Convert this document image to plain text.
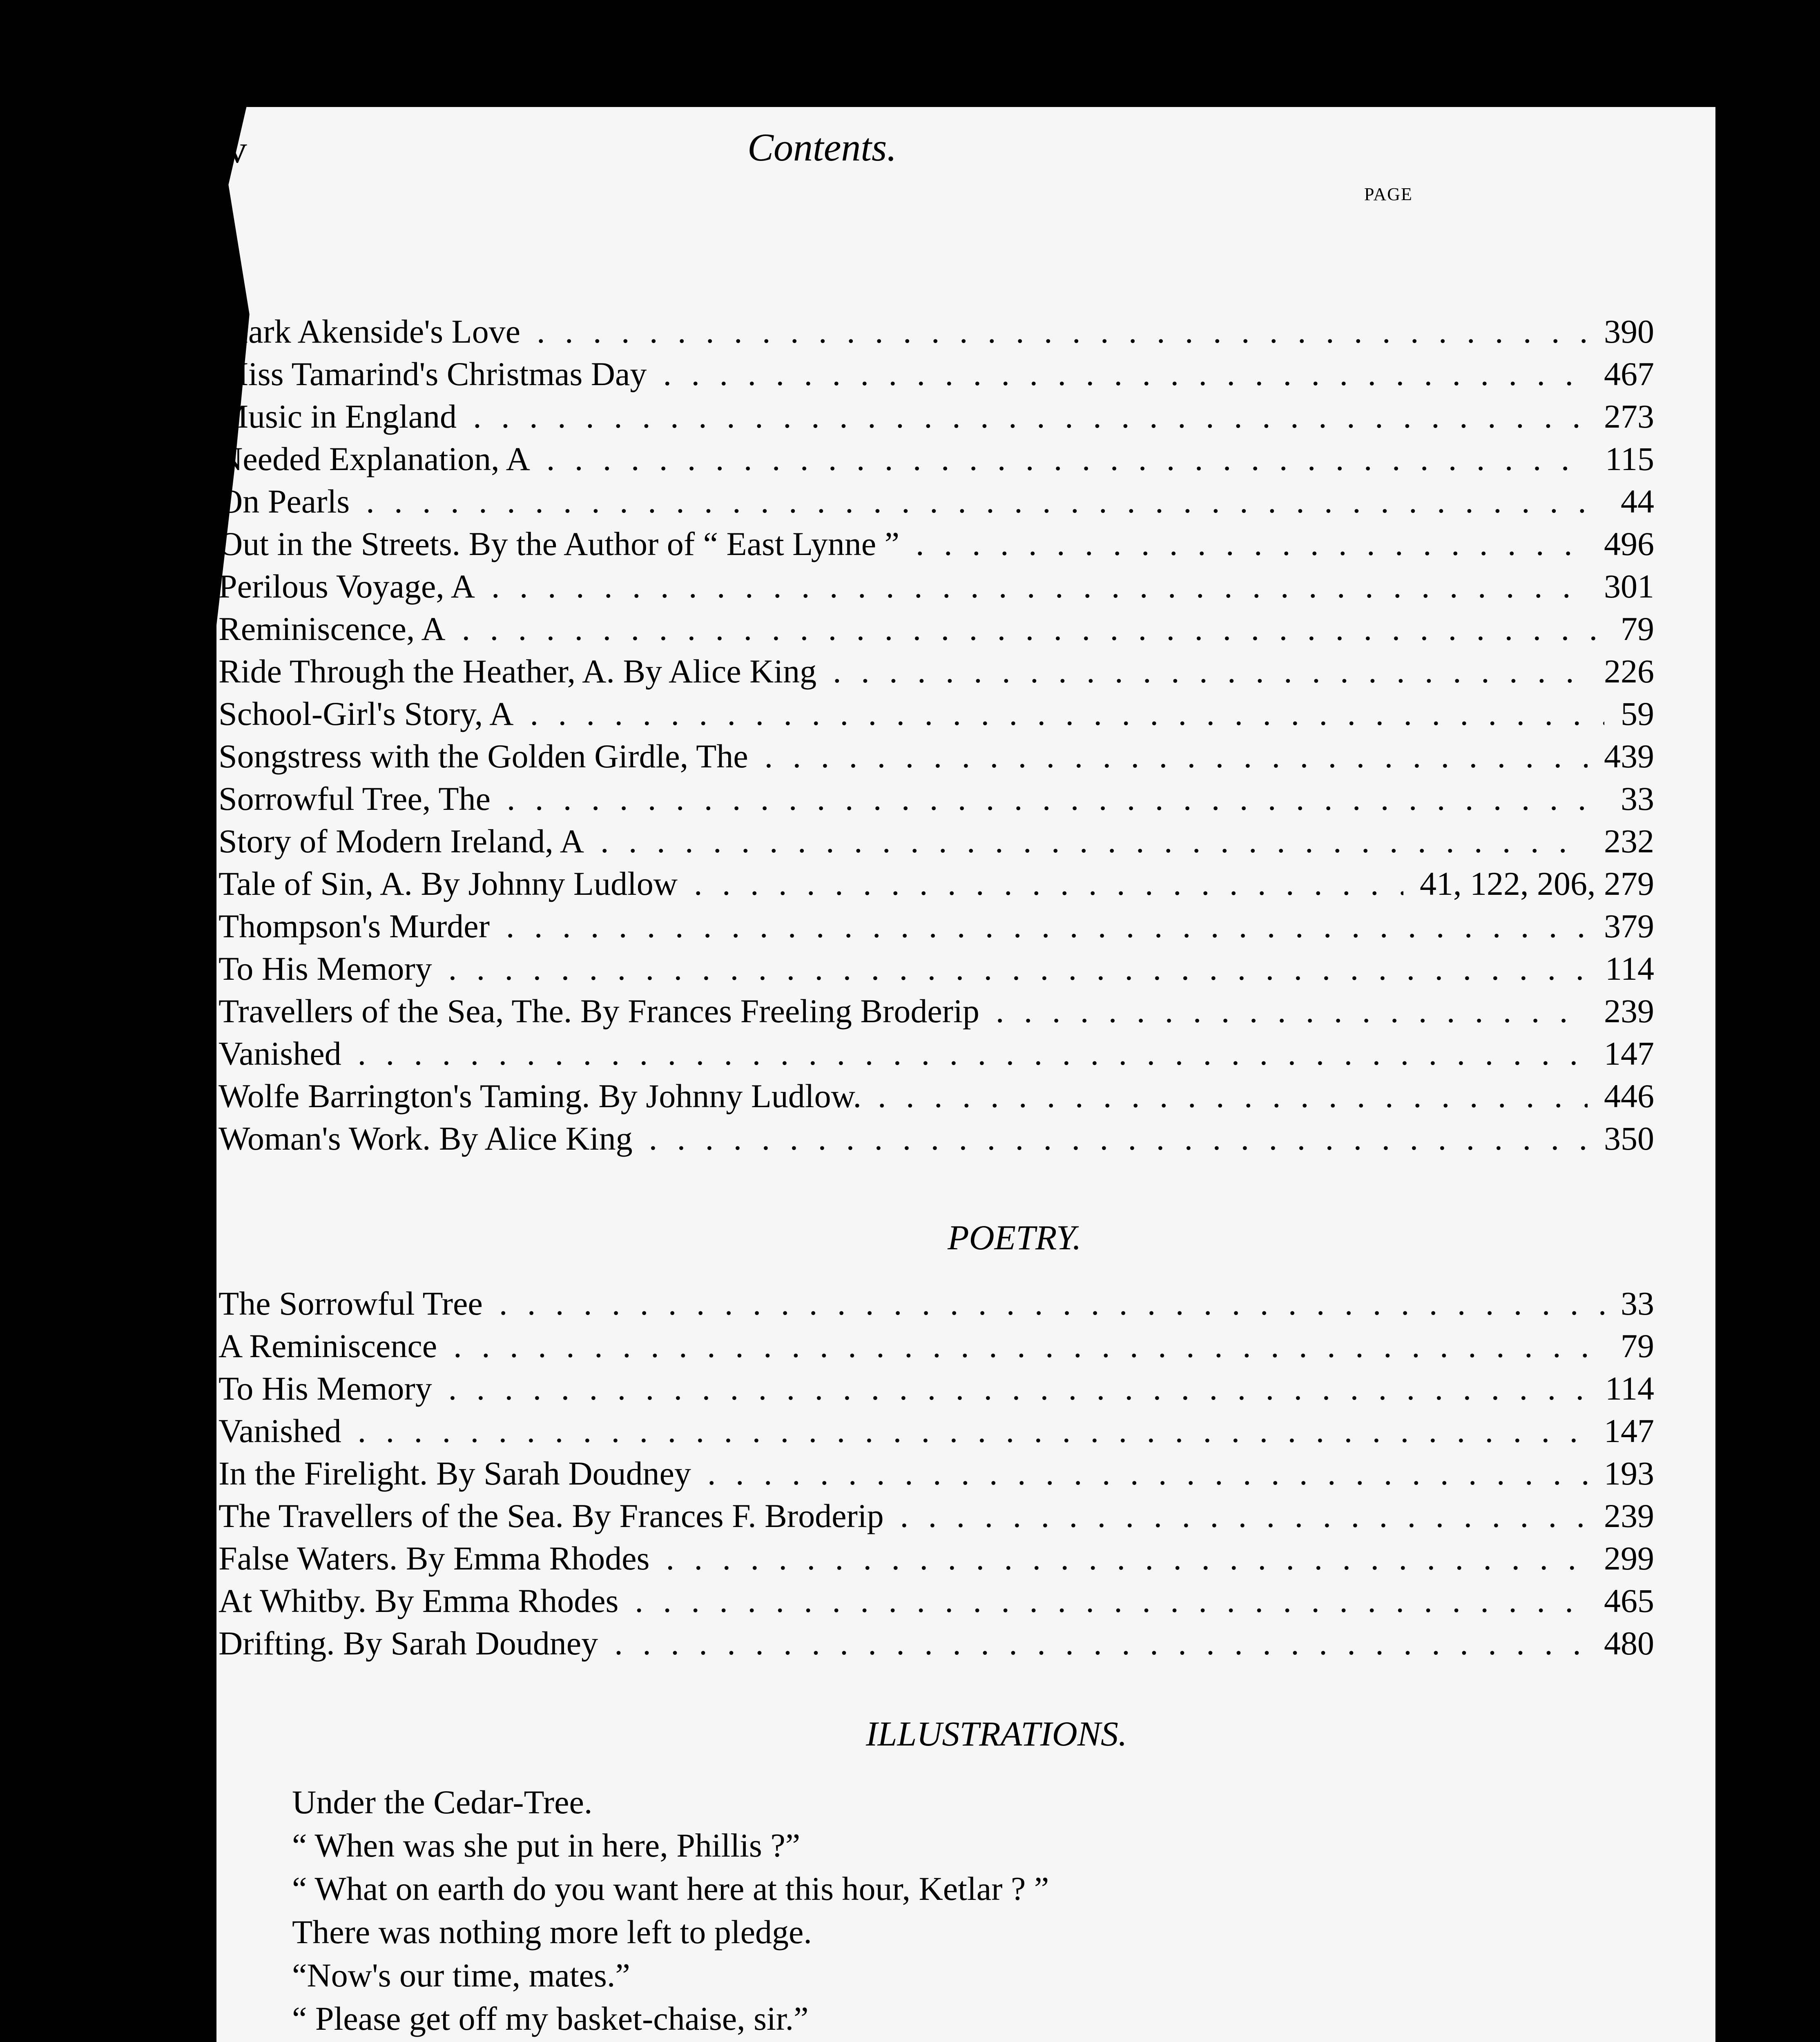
iv	Contents.
PAGE
Mark Akenside's Love . . .	390
Miss Tamarind's Christmas Day . . .	467
Music in England . . .	273
Needed Explanation, A . . .	115
On Pearls . . .	44
Out in the Streets. By the Author of “ East Lynne ” . . .	496
Perilous Voyage, A . . .	301
Reminiscence, A . . .	79
Ride Through the Heather, A. By Alice King . . .	226
School-Girl's Story, A . . .	59
Songstress with the Golden Girdle, The . . .	439
Sorrowful Tree, The . . .	33
Story of Modern Ireland, A . . .	232
Tale of Sin, A. By Johnny Ludlow . . .	41, 122, 206, 279
Thompson's Murder . . .	379
To His Memory . . .	114
Travellers of the Sea, The. By Frances Freeling Broderip . . .	239
Vanished . . .	147
Wolfe Barrington's Taming. By Johnny Ludlow. . . .	446
Woman's Work. By Alice King . . .	350
POETRY.
The Sorrowful Tree . . .	33
A Reminiscence . . .	79
To His Memory . . .	114
Vanished . . .	147
In the Firelight. By Sarah Doudney . . .	193
The Travellers of the Sea. By Frances F. Broderip . . .	239
False Waters. By Emma Rhodes . . .	299
At Whitby. By Emma Rhodes . . .	465
Drifting. By Sarah Doudney . . .	480
ILLUSTRATIONS.
Under the Cedar-Tree.
“ When was she put in here, Phillis ?”
“ What on earth do you want here at this hour, Ketlar ? ”
There was nothing more left to pledge.
“Now's our time, mates.”
“ Please get off my basket-chaise, sir.”
